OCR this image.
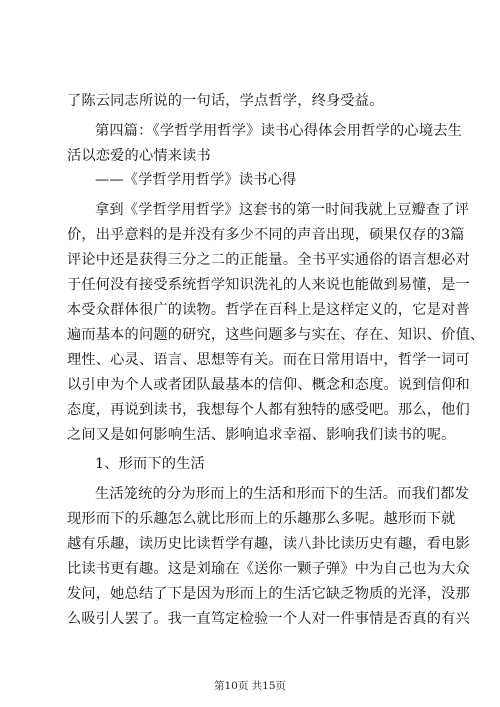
了陈云同志所说的一句话，学点哲学，终身受益。
第四篇：《学哲学用哲学》读书心得体会用哲学的心境去生
活以恋爱的心情来读书
——《学哲学用哲学》读书心得
拿到《学哲学用哲学》这套书的第一时间我就上豆瓣查了评
价，出乎意料的是并没有多少不同的声音出现，硕果仅存的3篇
评论中还是获得三分之二的正能量。全书平实通俗的语言想必对
于任何没有接受系统哲学知识洗礼的人来说也能做到易懂，是一
本受众群体很广的读物。哲学在百科上是这样定义的，它是对普
遍而基本的问题的研究，这些问题多与实在、存在、知识、价值、
理性、心灵、语言、思想等有关。而在日常用语中，哲学一词可
以引申为个人或者团队最基本的信仰、概念和态度。说到信仰和
态度，再说到读书，我想每个人都有独特的感受吧。那么，他们
之间又是如何影响生活、影响追求幸福、影响我们读书的呢。
1、形而下的生活
生活笼统的分为形而上的生活和形而下的生活。而我们都发
现形而下的乐趣怎么就比形而上的乐趣那么多呢。越形而下就
越有乐趣，读历史比读哲学有趣，读八卦比读历史有趣，看电影
比读书更有趣。这是刘瑜在《送你一颗子弹》中为自己也为大众
发问，她总结了下是因为形而上的生活它缺乏物质的光泽，没那
么吸引人罢了。我一直笃定检验一个人对一件事情是否真的有兴
第10页 共15页
